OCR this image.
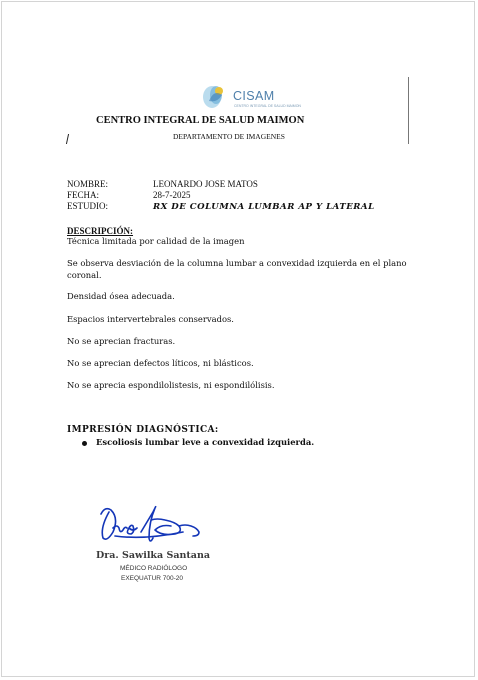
CISAM
CENTRO INTEGRAL DE SALUD MAIMON
CENTRO INTEGRAL DE SALUD MAIMON
DEPARTAMENTO DE IMAGENES
NOMBRE:	LEONARDO JOSE MATOS
FECHA:	28-7-2025
ESTUDIO:	RX DE COLUMNA LUMBAR AP Y LATERAL
DESCRIPCIÓN:
Técnica limitada por calidad de la imagen
Se observa desviación de la columna lumbar a convexidad izquierda en el plano coronal.
Densidad ósea adecuada.
Espacios intervertebrales conservados.
No se aprecian fracturas.
No se aprecian defectos líticos, ni blásticos.
No se aprecia espondilolistesis, ni espondilólisis.
IMPRESIÓN DIAGNÓSTICA:
Escoliosis lumbar leve a convexidad izquierda.
Dra. Sawilka Santana
MÉDICO RADIÓLOGO
EXEQUATUR 700-20
